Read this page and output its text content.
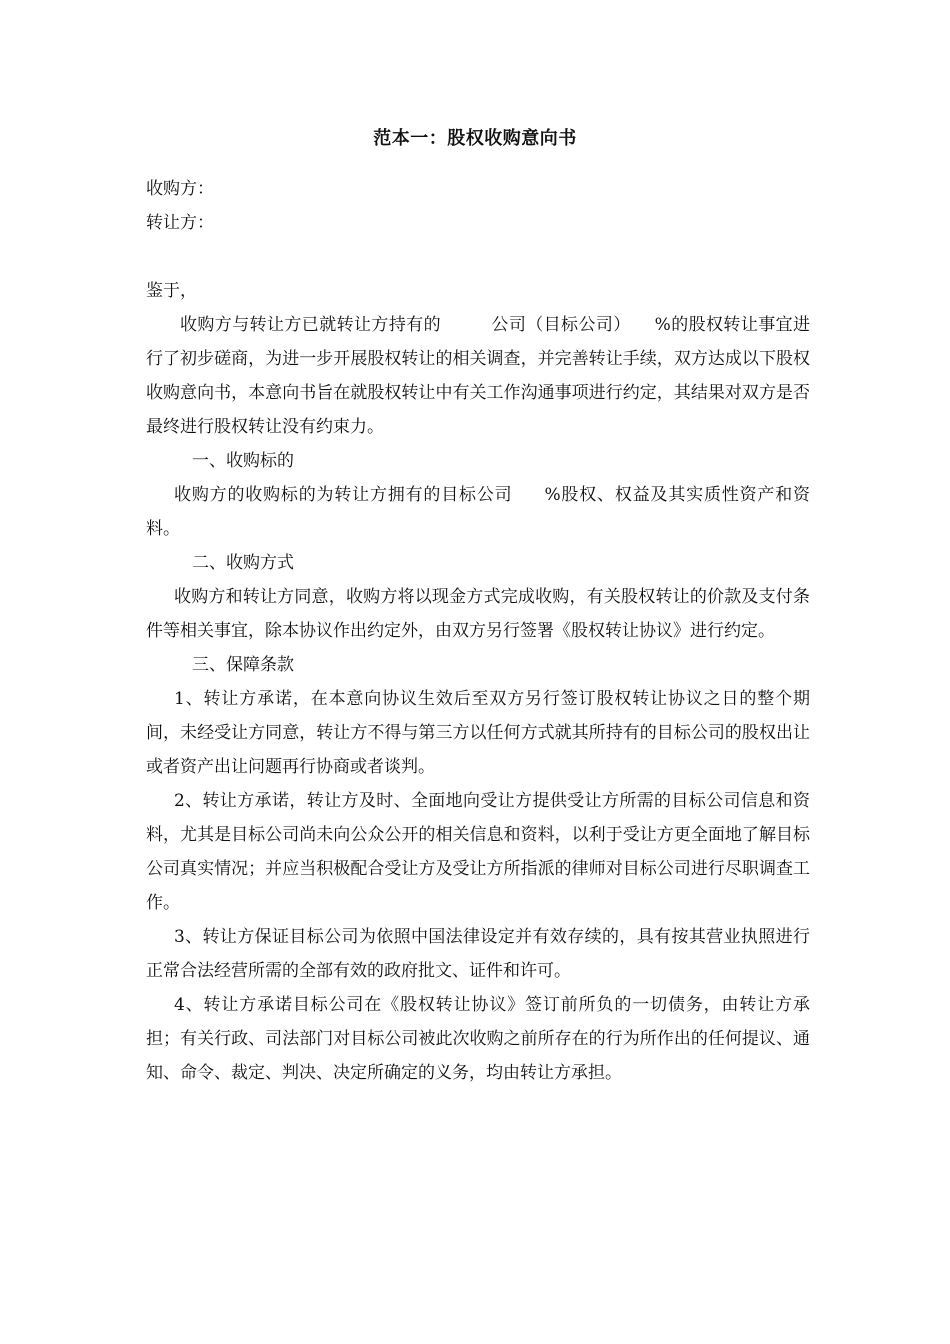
范本一：股权收购意向书
收购方：
转让方：
鉴于，

收购方与转让方已就转让方持有的	公司（目标公司） %的股权转让事宜进行了初步磋商，为进一步开展股权转让的相关调查，并完善转让手续，双方达成以下股权收购意向书，本意向书旨在就股权转让中有关工作沟通事项进行约定，其结果对双方是否最终进行股权转让没有约束力。

一、收购标的

收购方的收购标的为转让方拥有的目标公司 %股权、权益及其实质性资产和资料。

二、收购方式

收购方和转让方同意，收购方将以现金方式完成收购，有关股权转让的价款及支付条件等相关事宜，除本协议作出约定外，由双方另行签署《股权转让协议》进行约定。

三、保障条款

1、转让方承诺，在本意向协议生效后至双方另行签订股权转让协议之日的整个期间，未经受让方同意，转让方不得与第三方以任何方式就其所持有的目标公司的股权出让或者资产出让问题再行协商或者谈判。

2、转让方承诺，转让方及时、全面地向受让方提供受让方所需的目标公司信息和资料，尤其是目标公司尚未向公众公开的相关信息和资料，以利于受让方更全面地了解目标公司真实情况；并应当积极配合受让方及受让方所指派的律师对目标公司进行尽职调查工作。

3、转让方保证目标公司为依照中国法律设定并有效存续的，具有按其营业执照进行正常合法经营所需的全部有效的政府批文、证件和许可。

4、转让方承诺目标公司在《股权转让协议》签订前所负的一切债务，由转让方承担；有关行政、司法部门对目标公司被此次收购之前所存在的行为所作出的任何提议、通知、命令、裁定、判决、决定所确定的义务，均由转让方承担。
